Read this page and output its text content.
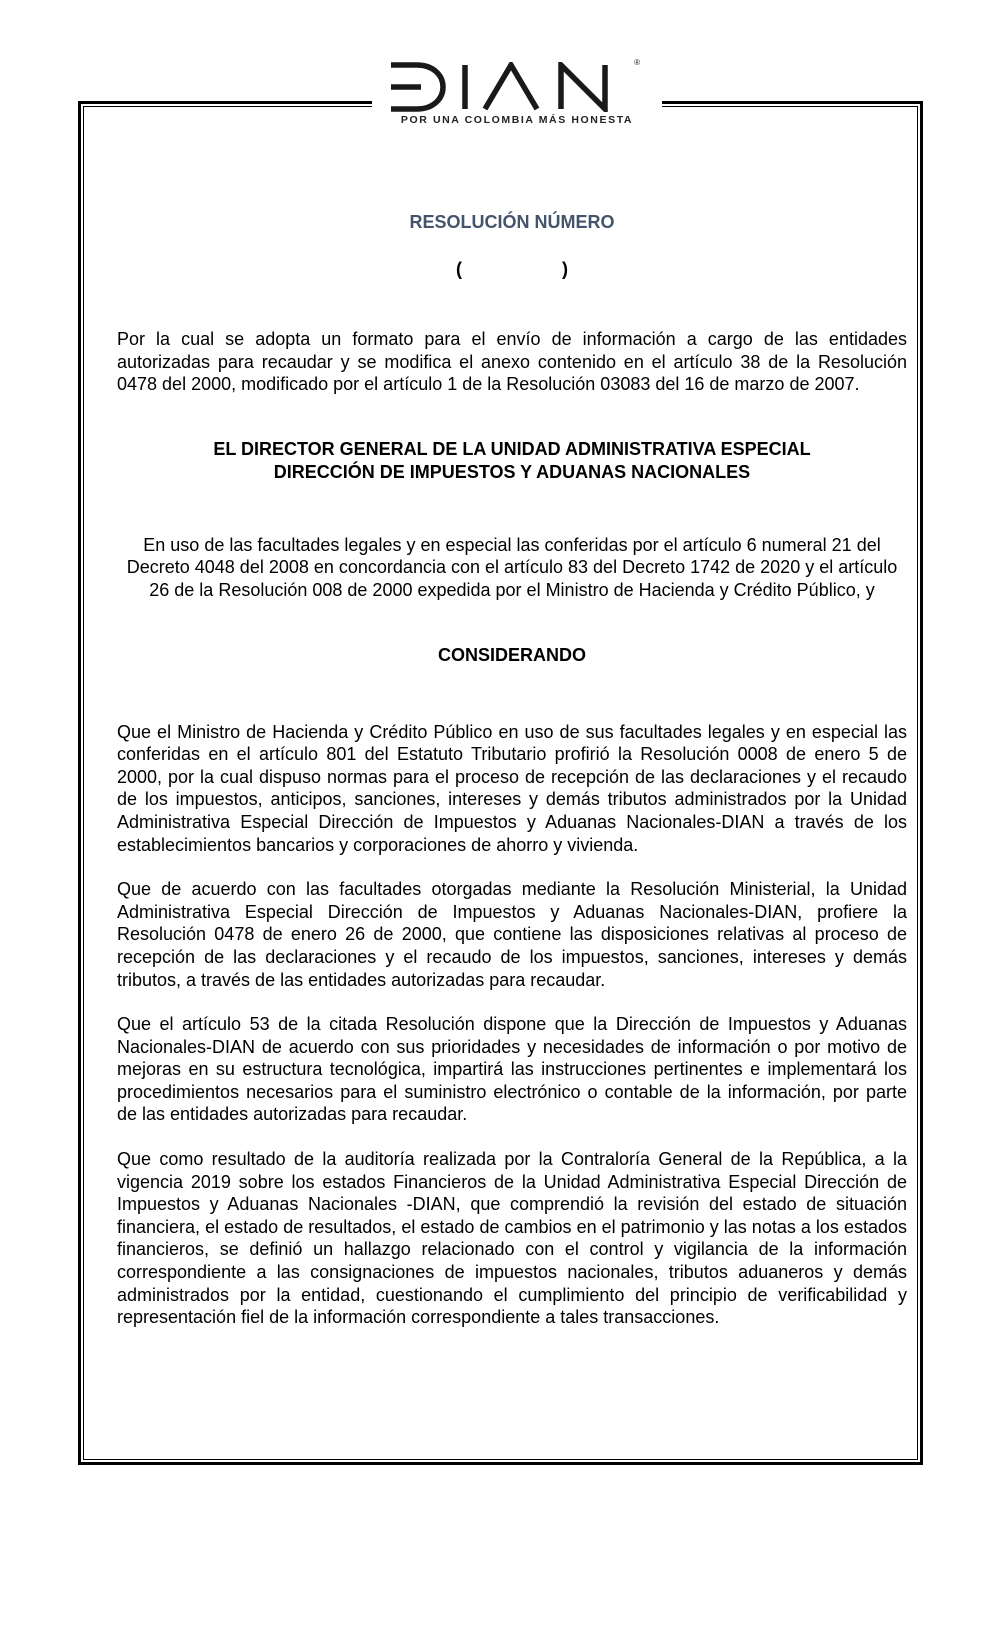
®
POR UNA COLOMBIA MÁS HONESTA
RESOLUCIÓN NÚMERO
(                    )

Por la cual se adopta un formato para el envío de información a cargo de las entidades autorizadas para recaudar y se modifica el anexo contenido en el artículo 38 de la Resolución 0478 del 2000, modificado por el artículo 1 de la Resolución 03083 del 16 de marzo de 2007.

EL DIRECTOR GENERAL DE LA UNIDAD ADMINISTRATIVA ESPECIAL
DIRECCIÓN DE IMPUESTOS Y ADUANAS NACIONALES
En uso de las facultades legales y en especial las conferidas por el artículo 6 numeral 21 del Decreto 4048 del 2008 en concordancia con el artículo 83 del Decreto 1742 de 2020 y el artículo 26 de la Resolución 008 de 2000 expedida por el Ministro de Hacienda y Crédito Público, y
CONSIDERANDO

Que el Ministro de Hacienda y Crédito Público en uso de sus facultades legales y en especial las conferidas en el artículo 801 del Estatuto Tributario profirió la Resolución 0008 de enero 5 de 2000, por la cual dispuso normas para el proceso de recepción de las declaraciones y el recaudo de los impuestos, anticipos, sanciones, intereses y demás tributos administrados por la Unidad Administrativa Especial Dirección de Impuestos y Aduanas Nacionales-DIAN a través de los establecimientos bancarios y corporaciones de ahorro y vivienda.

Que de acuerdo con las facultades otorgadas mediante la Resolución Ministerial, la Unidad Administrativa Especial Dirección de Impuestos y Aduanas Nacionales-DIAN, profiere la Resolución 0478 de enero 26 de 2000, que contiene las disposiciones relativas al proceso de recepción de las declaraciones y el recaudo de los impuestos, sanciones, intereses y demás tributos, a través de las entidades autorizadas para recaudar.

Que el artículo 53 de la citada Resolución dispone que la Dirección de Impuestos y Aduanas Nacionales-DIAN de acuerdo con sus prioridades y necesidades de información o por motivo de mejoras en su estructura tecnológica, impartirá las instrucciones pertinentes e implementará los procedimientos necesarios para el suministro electrónico o contable de la información, por parte de las entidades autorizadas para recaudar.

Que como resultado de la auditoría realizada por la Contraloría General de la República, a la vigencia 2019 sobre los estados Financieros de la Unidad Administrativa Especial Dirección de Impuestos y Aduanas Nacionales -DIAN, que comprendió la revisión del estado de situación financiera, el estado de resultados, el estado de cambios en el patrimonio y las notas a los estados financieros, se definió un hallazgo relacionado con el control y vigilancia de la información correspondiente a las consignaciones de impuestos nacionales, tributos aduaneros y demás administrados por la entidad, cuestionando el cumplimiento del principio de verificabilidad y representación fiel de la información correspondiente a tales transacciones.
